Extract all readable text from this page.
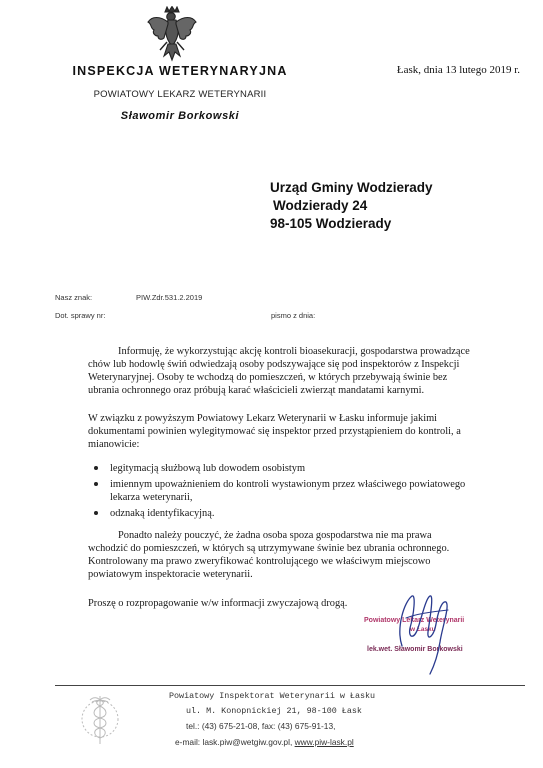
INSPEKCJA WETERYNARYJNA
POWIATOWY LEKARZ WETERYNARII
Sławomir Borkowski
Łask, dnia 13 lutego 2019 r.
Urząd Gminy Wodzierady
Wodzierady 24
98-105 Wodzierady
Nasz znak:	PIW.Zdr.531.2.2019
Dot. sprawy nr:	pismo z dnia:
Informuję, że wykorzystując akcję kontroli bioasekuracji, gospodarstwa prowadzące
chów lub hodowlę świń odwiedzają osoby podszywające się pod inspektorów z Inspekcji
Weterynaryjnej. Osoby te wchodzą do pomieszczeń, w których przebywają świnie bez
ubrania ochronnego oraz próbują karać właścicieli zwierząt mandatami karnymi.
W związku z powyższym Powiatowy Lekarz Weterynarii w Łasku informuje jakimi
dokumentami powinien wylegitymować się inspektor przed przystąpieniem do kontroli, a
mianowicie:
legitymacją służbową lub dowodem osobistym
imiennym upoważnieniem do kontroli wystawionym przez właściwego powiatowego
lekarza weterynarii,
odznaką identyfikacyjną.
Ponadto należy pouczyć, że żadna osoba spoza gospodarstwa nie ma prawa
wchodzić do pomieszczeń, w których są utrzymywane świnie bez ubrania ochronnego.
Kontrolowany ma prawo zweryfikować kontrolującego we właściwym miejscowo
powiatowym inspektoracie weterynarii.
Proszę o rozpropagowanie w/w informacji zwyczajową drogą.
Powiatowy Lekarz Weterynarii
w Łasku
lek.wet. Sławomir Borkowski
Powiatowy Inspektorat Weterynarii w Łasku
ul. M. Konopnickiej 21, 98-100 Łask
tel.: (43) 675-21-08, fax: (43) 675-91-13,
e-mail: lask.piw@wetgiw.gov.pl, www.piw-lask.pl
